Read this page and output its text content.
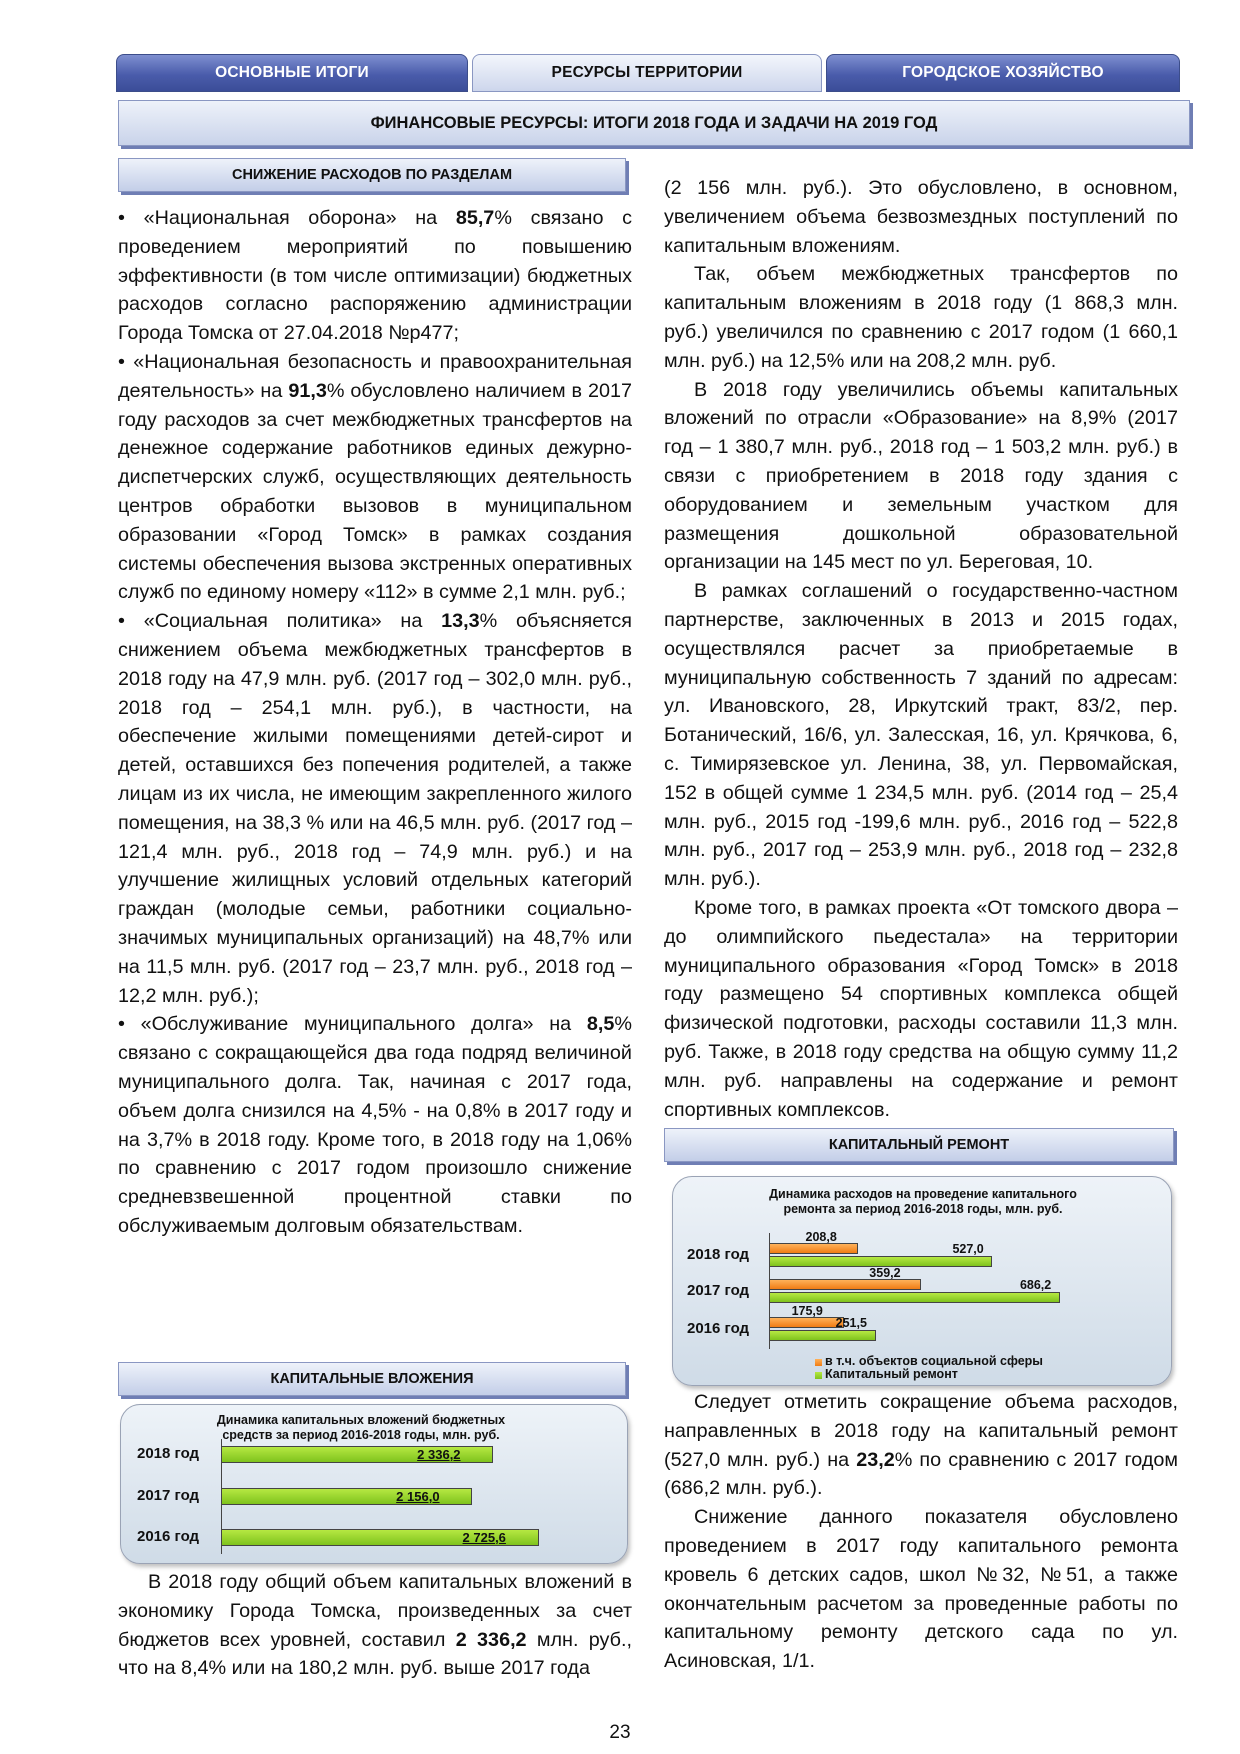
ОСНОВНЫЕ ИТОГИ	РЕСУРСЫ ТЕРРИТОРИИ	ГОРОДСКОЕ ХОЗЯЙСТВО
ФИНАНСОВЫЕ РЕСУРСЫ: ИТОГИ 2018 ГОДА И ЗАДАЧИ НА 2019 ГОД
СНИЖЕНИЕ РАСХОДОВ ПО РАЗДЕЛАМ
КАПИТАЛЬНЫЕ ВЛОЖЕНИЯ
КАПИТАЛЬНЫЙ РЕМОНТ

• «Национальная оборона» на 85,7% связано с проведением мероприятий по повышению эффективности (в том числе оптимизации) бюджетных расходов согласно распоряжению администрации Города Томска от 27.04.2018 №р477;

• «Национальная безопасность и правоохранительная деятельность» на 91,3% обусловлено наличием в 2017 году расходов за счет межбюджетных трансфертов на денежное содержание работников единых дежурно-диспетчерских служб, осуществляющих деятельность центров обработки вызовов в муниципальном образовании «Город Томск» в рамках создания системы обеспечения вызова экстренных оперативных служб по единому номеру «112» в сумме 2,1 млн. руб.;

• «Социальная политика» на 13,3% объясняется снижением объема межбюджетных трансфертов в 2018 году на 47,9 млн. руб. (2017 год – 302,0 млн. руб., 2018 год – 254,1 млн. руб.), в частности, на обеспечение жилыми помещениями детей-сирот и детей, оставшихся без попечения родителей, а также лицам из их числа, не имеющим закрепленного жилого помещения, на 38,3 % или на 46,5 млн. руб. (2017 год – 121,4 млн. руб., 2018 год – 74,9 млн. руб.) и на улучшение жилищных условий отдельных категорий граждан (молодые семьи, работники социально-значимых муниципальных организаций) на 48,7% или на 11,5 млн. руб. (2017 год – 23,7 млн. руб., 2018 год – 12,2 млн. руб.);

• «Обслуживание муниципального долга» на 8,5% связано с сокращающейся два года подряд величиной муниципального долга. Так, начиная с 2017 года, объем долга снизился на 4,5% - на 0,8% в 2017 году и на 3,7% в 2018 году. Кроме того, в 2018 году на 1,06% по сравнению с 2017 годом произошло снижение средневзвешенной процентной ставки по обслуживаемым долговым обязательствам.

Динамика капитальных вложений бюджетных средств за период 2016-2018 годы, млн. руб.
2018 год	2 336,2
2017 год	2 156,0
2016 год	2 725,6

В 2018 году общий объем капитальных вложений в экономику Города Томска, произведенных за счет бюджетов всех уровней, составил 2 336,2 млн. руб., что на 8,4% или на 180,2 млн. руб. выше 2017 года

(2 156 млн. руб.). Это обусловлено, в основном, увеличением объема безвозмездных поступлений по капитальным вложениям.

Так, объем межбюджетных трансфертов по капитальным вложениям в 2018 году (1 868,3 млн. руб.) увеличился по сравнению с 2017 годом (1 660,1 млн. руб.) на 12,5% или на 208,2 млн. руб.

В 2018 году увеличились объемы капитальных вложений по отрасли «Образование» на 8,9% (2017 год – 1 380,7 млн. руб., 2018 год – 1 503,2 млн. руб.) в связи с приобретением в 2018 году здания с оборудованием и земельным участком для размещения дошкольной образовательной организации на 145 мест по ул. Береговая, 10.

В рамках соглашений о государственно-частном партнерстве, заключенных в 2013 и 2015 годах, осуществлялся расчет за приобретаемые в муниципальную собственность 7 зданий по адресам: ул. Ивановского, 28, Иркутский тракт, 83/2, пер. Ботанический, 16/6, ул. Залесская, 16, ул. Крячкова, 6, с. Тимирязевское ул. Ленина, 38, ул. Первомайская, 152 в общей сумме 1 234,5 млн. руб. (2014 год – 25,4 млн. руб., 2015 год -199,6 млн. руб., 2016 год – 522,8 млн. руб., 2017 год – 253,9 млн. руб., 2018 год – 232,8 млн. руб.).

Кроме того, в рамках проекта «От томского двора – до олимпийского пьедестала» на территории муниципального образования «Город Томск» в 2018 году размещено 54 спортивных комплекса общей физической подготовки, расходы составили 11,3 млн. руб. Также, в 2018 году средства на общую сумму 11,2 млн. руб. направлены на содержание и ремонт спортивных комплексов.

Динамика расходов на проведение капитального ремонта за период 2016-2018 годы, млн. руб.
2018 год
208,8
527,0
2017 год
359,2
686,2
2016 год
175,9
251,5
в т.ч. объектов социальной сферы
Капитальный ремонт

Следует отметить сокращение объема расходов, направленных в 2018 году на капитальный ремонт (527,0 млн. руб.) на 23,2% по сравнению с 2017 годом (686,2 млн. руб.).

Снижение данного показателя обусловлено проведением в 2017 году капитального ремонта кровель 6 детских садов, школ №32, №51, а также окончательным расчетом за проведенные работы по капитальному ремонту детского сада по ул. Асиновская, 1/1.

23
